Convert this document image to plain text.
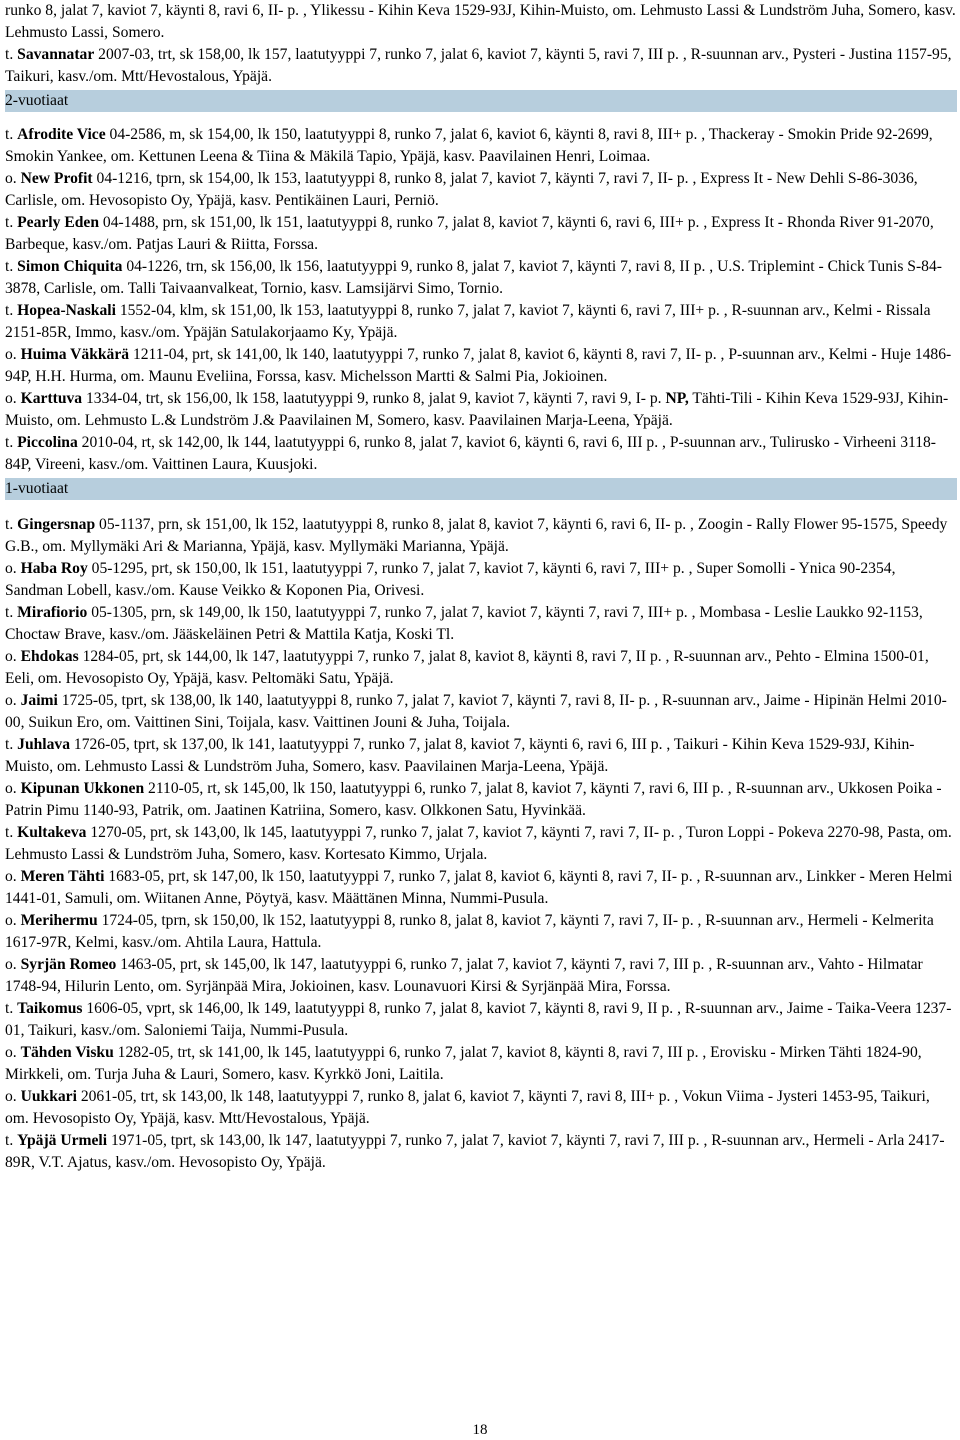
runko 8, jalat 7, kaviot 7, käynti 8, ravi 6, II- p. , Ylikessu - Kihin Keva 1529-93J, Kihin-Muisto, om. Lehmusto Lassi & Lundström Juha, Somero, kasv. Lehmusto Lassi, Somero.

t. Savannatar 2007-03, trt, sk 158,00, lk 157, laatutyyppi 7, runko 7, jalat 6, kaviot 7, käynti 5, ravi 7, III p. , R-suunnan arv., Pysteri - Justina 1157-95, Taikuri, kasv./om. Mtt/Hevostalous, Ypäjä.

2-vuotiaat

t. Afrodite Vice 04-2586, m, sk 154,00, lk 150, laatutyyppi 8, runko 7, jalat 6, kaviot 6, käynti 8, ravi 8, III+ p. , Thackeray - Smokin Pride 92-2699, Smokin Yankee, om. Kettunen Leena & Tiina & Mäkilä Tapio, Ypäjä, kasv. Paavilainen Henri, Loimaa.

o. New Profit 04-1216, tprn, sk 154,00, lk 153, laatutyyppi 8, runko 8, jalat 7, kaviot 7, käynti 7, ravi 7, II- p. , Express It - New Dehli S-86-3036, Carlisle, om. Hevosopisto Oy, Ypäjä, kasv. Pentikäinen Lauri, Perniö.

t. Pearly Eden 04-1488, prn, sk 151,00, lk 151, laatutyyppi 8, runko 7, jalat 8, kaviot 7, käynti 6, ravi 6, III+ p. , Express It - Rhonda River 91-2070, Barbeque, kasv./om. Patjas Lauri & Riitta, Forssa.

t. Simon Chiquita 04-1226, trn, sk 156,00, lk 156, laatutyyppi 9, runko 8, jalat 7, kaviot 7, käynti 7, ravi 8, II p. , U.S. Triplemint - Chick Tunis S-84-3878, Carlisle, om. Talli Taivaanvalkeat, Tornio, kasv. Lamsijärvi Simo, Tornio.

t. Hopea-Naskali 1552-04, klm, sk 151,00, lk 153, laatutyyppi 8, runko 7, jalat 7, kaviot 7, käynti 6, ravi 7, III+ p. , R-suunnan arv., Kelmi - Rissala 2151-85R, Immo, kasv./om. Ypäjän Satulakorjaamo Ky, Ypäjä.

o. Huima Väkkärä 1211-04, prt, sk 141,00, lk 140, laatutyyppi 7, runko 7, jalat 8, kaviot 6, käynti 8, ravi 7, II- p. , P-suunnan arv., Kelmi - Huje 1486-94P, H.H. Hurma, om. Maunu Eveliina, Forssa, kasv. Michelsson Martti & Salmi Pia, Jokioinen.

o. Karttuva 1334-04, trt, sk 156,00, lk 158, laatutyyppi 9, runko 8, jalat 9, kaviot 7, käynti 7, ravi 9, I- p. NP, Tähti-Tili - Kihin Keva 1529-93J, Kihin-Muisto, om. Lehmusto L.& Lundström J.& Paavilainen M, Somero, kasv. Paavilainen Marja-Leena, Ypäjä.

t. Piccolina 2010-04, rt, sk 142,00, lk 144, laatutyyppi 6, runko 8, jalat 7, kaviot 6, käynti 6, ravi 6, III p. , P-suunnan arv., Tulirusko - Virheeni 3118-84P, Vireeni, kasv./om. Vaittinen Laura, Kuusjoki.

1-vuotiaat

t. Gingersnap 05-1137, prn, sk 151,00, lk 152, laatutyyppi 8, runko 8, jalat 8, kaviot 7, käynti 6, ravi 6, II- p. , Zoogin - Rally Flower 95-1575, Speedy G.B., om. Myllymäki Ari & Marianna, Ypäjä, kasv. Myllymäki Marianna, Ypäjä.

o. Haba Roy 05-1295, prt, sk 150,00, lk 151, laatutyyppi 7, runko 7, jalat 7, kaviot 7, käynti 6, ravi 7, III+ p. , Super Somolli - Ynica 90-2354, Sandman Lobell, kasv./om. Kause Veikko & Koponen Pia, Orivesi.

t. Mirafiorio 05-1305, prn, sk 149,00, lk 150, laatutyyppi 7, runko 7, jalat 7, kaviot 7, käynti 7, ravi 7, III+ p. , Mombasa - Leslie Laukko 92-1153, Choctaw Brave, kasv./om. Jääskeläinen Petri & Mattila Katja, Koski Tl.

o. Ehdokas 1284-05, prt, sk 144,00, lk 147, laatutyyppi 7, runko 7, jalat 8, kaviot 8, käynti 8, ravi 7, II p. , R-suunnan arv., Pehto - Elmina 1500-01, Eeli, om. Hevosopisto Oy, Ypäjä, kasv. Peltomäki Satu, Ypäjä.

o. Jaimi 1725-05, tprt, sk 138,00, lk 140, laatutyyppi 8, runko 7, jalat 7, kaviot 7, käynti 7, ravi 8, II- p. , R-suunnan arv., Jaime - Hipinän Helmi 2010-00, Suikun Ero, om. Vaittinen Sini, Toijala, kasv. Vaittinen Jouni & Juha, Toijala.

t. Juhlava 1726-05, tprt, sk 137,00, lk 141, laatutyyppi 7, runko 7, jalat 8, kaviot 7, käynti 6, ravi 6, III p. , Taikuri - Kihin Keva 1529-93J, Kihin-Muisto, om. Lehmusto Lassi & Lundström Juha, Somero, kasv. Paavilainen Marja-Leena, Ypäjä.

o. Kipunan Ukkonen 2110-05, rt, sk 145,00, lk 150, laatutyyppi 6, runko 7, jalat 8, kaviot 7, käynti 7, ravi 6, III p. , R-suunnan arv., Ukkosen Poika - Patrin Pimu 1140-93, Patrik, om. Jaatinen Katriina, Somero, kasv. Olkkonen Satu, Hyvinkää.

t. Kultakeva 1270-05, prt, sk 143,00, lk 145, laatutyyppi 7, runko 7, jalat 7, kaviot 7, käynti 7, ravi 7, II- p. , Turon Loppi - Pokeva 2270-98, Pasta, om. Lehmusto Lassi & Lundström Juha, Somero, kasv. Kortesato Kimmo, Urjala.

o. Meren Tähti 1683-05, prt, sk 147,00, lk 150, laatutyyppi 7, runko 7, jalat 8, kaviot 6, käynti 8, ravi 7, II- p. , R-suunnan arv., Linkker - Meren Helmi 1441-01, Samuli, om. Wiitanen Anne, Pöytyä, kasv. Määttänen Minna, Nummi-Pusula.

o. Merihermu 1724-05, tprn, sk 150,00, lk 152, laatutyyppi 8, runko 8, jalat 8, kaviot 7, käynti 7, ravi 7, II- p. , R-suunnan arv., Hermeli - Kelmerita 1617-97R, Kelmi, kasv./om. Ahtila Laura, Hattula.

o. Syrjän Romeo 1463-05, prt, sk 145,00, lk 147, laatutyyppi 6, runko 7, jalat 7, kaviot 7, käynti 7, ravi 7, III p. , R-suunnan arv., Vahto - Hilmatar 1748-94, Hilurin Lento, om. Syrjänpää Mira, Jokioinen, kasv. Lounavuori Kirsi & Syrjänpää Mira, Forssa.

t. Taikomus 1606-05, vprt, sk 146,00, lk 149, laatutyyppi 8, runko 7, jalat 8, kaviot 7, käynti 8, ravi 9, II p. , R-suunnan arv., Jaime - Taika-Veera 1237-01, Taikuri, kasv./om. Saloniemi Taija, Nummi-Pusula.

o. Tähden Visku 1282-05, trt, sk 141,00, lk 145, laatutyyppi 6, runko 7, jalat 7, kaviot 8, käynti 8, ravi 7, III p. , Erovisku - Mirken Tähti 1824-90, Mirkkeli, om. Turja Juha & Lauri, Somero, kasv. Kyrkkö Joni, Laitila.

o. Uukkari 2061-05, trt, sk 143,00, lk 148, laatutyyppi 7, runko 8, jalat 6, kaviot 7, käynti 7, ravi 8, III+ p. , Vokun Viima - Jysteri 1453-95, Taikuri, om. Hevosopisto Oy, Ypäjä, kasv. Mtt/Hevostalous, Ypäjä.

t. Ypäjä Urmeli 1971-05, tprt, sk 143,00, lk 147, laatutyyppi 7, runko 7, jalat 7, kaviot 7, käynti 7, ravi 7, III p. , R-suunnan arv., Hermeli - Arla 2417-89R, V.T. Ajatus, kasv./om. Hevosopisto Oy, Ypäjä.

18
